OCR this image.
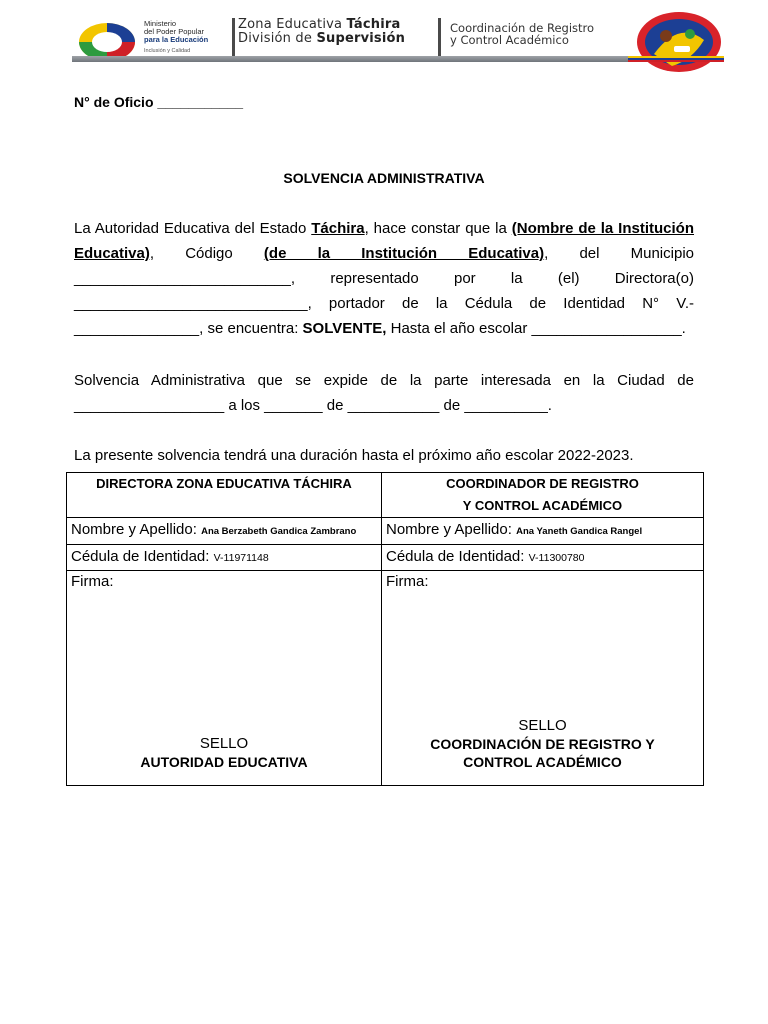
Ministerio
del Poder Popular
para la Educación
Inclusión y Calidad
Zona Educativa Táchira
División de Supervisión
Coordinación de Registro
y Control Académico
N° de Oficio ___________
SOLVENCIA ADMINISTRATIVA
La Autoridad Educativa del Estado Táchira, hace constar que la (Nombre de la Institución Educativa), Código (de la Institución Educativa), del Municipio __________________________, representado por la (el) Directora(o) ____________________________, portador de la Cédula de Identidad N° V.- _______________, se encuentra: SOLVENTE, Hasta el año escolar __________________.
Solvencia Administrativa que se expide de la parte interesada en la Ciudad de __________________ a los _______ de ___________ de __________.
La presente solvencia tendrá una duración hasta el próximo año escolar 2022-2023.
DIRECTORA ZONA EDUCATIVA TÁCHIRA	COORDINADOR DE REGISTRO
Y CONTROL ACADÉMICO
Nombre y Apellido: Ana Berzabeth Gandica Zambrano	Nombre y Apellido: Ana Yaneth Gandica Rangel
Cédula de Identidad: V-11971148	Cédula de Identidad: V-11300780

Firma:
SELLO
AUTORIDAD EDUCATIVA	Firma:
SELLO
COORDINACIÓN DE REGISTRO Y
CONTROL ACADÉMICO
